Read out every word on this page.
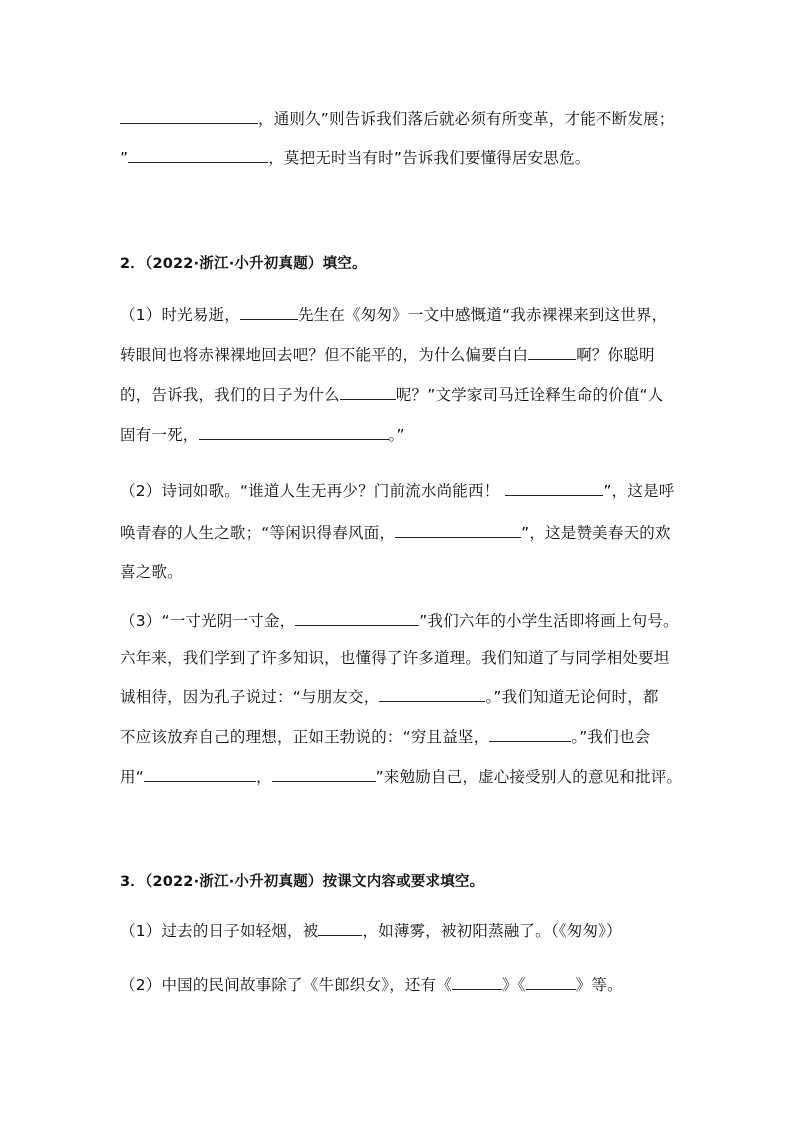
，通则久”则告诉我们落后就必须有所变革，才能不断发展；
”	，莫把无时当有时”告诉我们要懂得居安思危。
2．（2022·浙江·小升初真题）填空。
（1）时光易逝，	先生在《匆匆》一文中感慨道“我赤裸裸来到这世界，
转眼间也将赤裸裸地回去吧？但不能平的，为什么偏要白白	啊？你聪明
的，告诉我，我们的日子为什么	呢？”文学家司马迁诠释生命的价值“人
固有一死，	。”
（2）诗词如歌。“谁道人生无再少？门前流水尚能西！	”，这是呼
唤青春的人生之歌；“等闲识得春风面，	”，这是赞美春天的欢
喜之歌。
（3）“一寸光阴一寸金，	”我们六年的小学生活即将画上句号。
六年来，我们学到了许多知识，也懂得了许多道理。我们知道了与同学相处要坦
诚相待，因为孔子说过：“与朋友交，	。”我们知道无论何时，都
不应该放弃自己的理想，正如王勃说的：“穷且益坚，	。”我们也会
用“	，	”来勉励自己，虚心接受别人的意见和批评。
3．（2022·浙江·小升初真题）按课文内容或要求填空。
（1）过去的日子如轻烟，被	，如薄雾，被初阳蒸融了。（《匆匆》）
（2）中国的民间故事除了《牛郎织女》，还有《	》《	》等。
